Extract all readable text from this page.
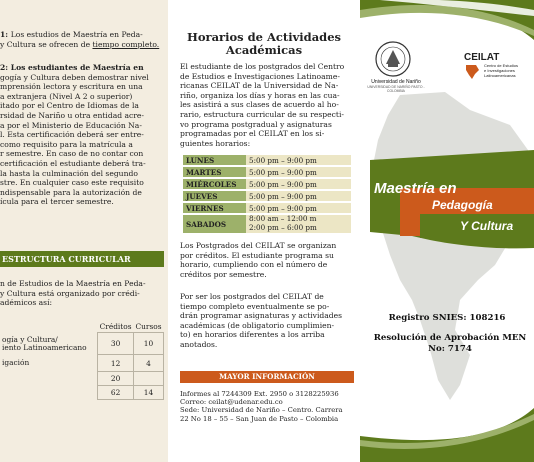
1: Los estudios de Maestría en Peda-
y Cultura se ofrecen de tiempo completo.

2: Los estudiantes de Maestría en
gogía y Cultura deben demostrar nivel
mprensión lectora y escritura en una
a extranjera (Nivel A 2 o superior)
itado por el Centro de Idiomas de la
rsidad de Nariño u otra entidad acre-
a por el Ministerio de Educación Na-
l. Esta certificación deberá ser entre-
como requisito para la matrícula a
r semestre. En caso de no contar con
certificación el estudiante deberá tra-
la hasta la culminación del segundo
stre. En cualquier caso este requisito
ndispensable para la autorización de
ícula para el tercer semestre.

ESTRUCTURA CURRICULAR

n de Estudios de la Maestría en Peda-
y Cultura está organizado por crédi-
adémicos así:

	Créditos	Cursos
ogía y Cultura/
iento Latinoamericano	30	10
igación	12	4
	20	
	62	14
Horarios de Actividades
Académicas

El estudiante de los postgrados del Centro
de Estudios e Investigaciones Latinoame-
ricanas CEILAT de la Universidad de Na-
riño, organiza los días y horas en las cua-
les asistirá a sus clases de acuerdo al ho-
rario, estructura curricular de su respecti-
vo programa postgradual y asignaturas
programadas por el CEILAT en los si-
guientes horarios:

LUNES	5:00 pm – 9:00 pm
MARTES	5:00 pm – 9:00 pm
MIÉRCOLES	5:00 pm – 9:00 pm
JUEVES	5:00 pm – 9:00 pm
VIERNES	5:00 pm – 9:00 pm
SABADOS	8:00 am – 12:00 m
2:00 pm – 6:00 pm

Los Postgrados del CEILAT se organizan
por créditos. El estudiante programa su
horario, cumpliendo con el número de
créditos por semestre.

Por ser los postgrados del CEILAT de
tiempo completo eventualmente se po-
drán programar asignaturas y actividades
académicas (de obligatorio cumplimien-
to) en horarios diferentes a los arriba
anotados.

MAYOR INFORMACIÓN
Informes al 7244309 Ext. 2950 o 3128225936
Correo: ceilat@udenar.edu.co
Sede: Universidad de Nariño – Centro. Carrera
22 No 18 – 55 – San Juan de Pasto – Colombia
Universidad de Nariño
UNIVERSIDAD DE NARIÑO PASTO - COLOMBIA
CEILAT
Centro de Estudios
e Investigaciones
Latinoamericanas
Maestría en
Pedagogía
Y Cultura
Registro SNIES: 108216
Resolución de Aprobación MEN
No: 7174
